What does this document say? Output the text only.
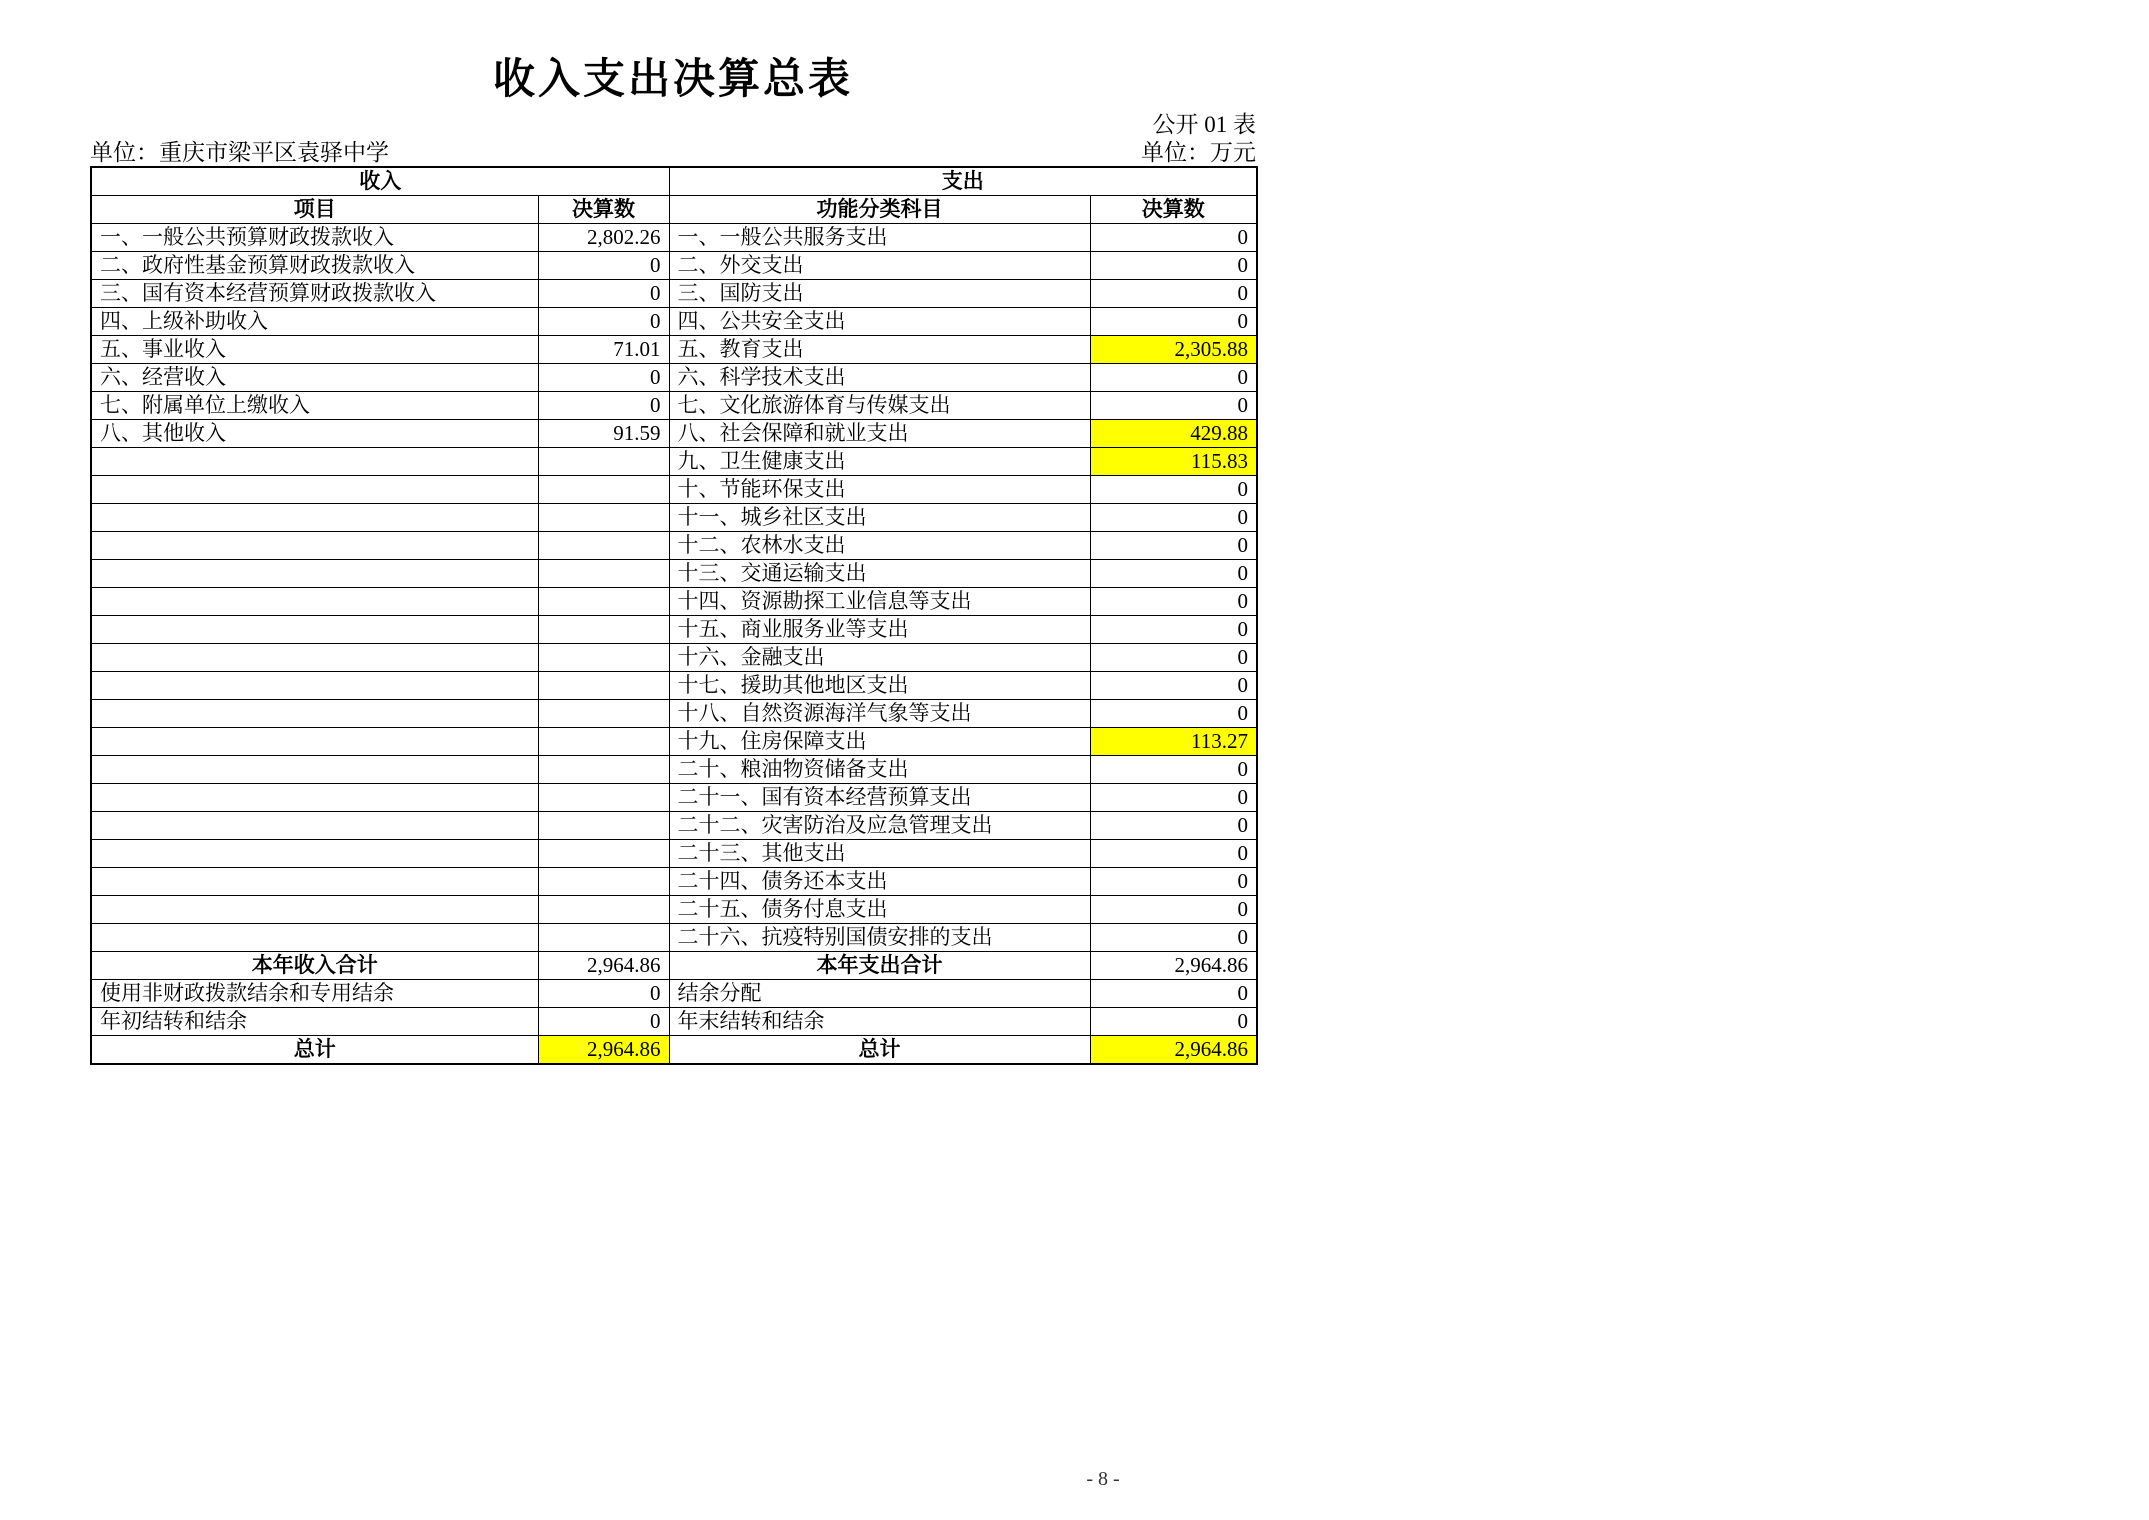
收入支出决算总表
公开 01 表
单位：重庆市梁平区袁驿中学	单位：万元
收入		支出	
项目	决算数	功能分类科目	决算数
一、一般公共预算财政拨款收入	2,802.26	一、一般公共服务支出	0
二、政府性基金预算财政拨款收入	0	二、外交支出	0
三、国有资本经营预算财政拨款收入	0	三、国防支出	0
四、上级补助收入	0	四、公共安全支出	0
五、事业收入	71.01	五、教育支出	2,305.88
六、经营收入	0	六、科学技术支出	0
七、附属单位上缴收入	0	七、文化旅游体育与传媒支出	0
八、其他收入	91.59	八、社会保障和就业支出	429.88
		九、卫生健康支出	115.83
		十、节能环保支出	0
		十一、城乡社区支出	0
		十二、农林水支出	0
		十三、交通运输支出	0
		十四、资源勘探工业信息等支出	0
		十五、商业服务业等支出	0
		十六、金融支出	0
		十七、援助其他地区支出	0
		十八、自然资源海洋气象等支出	0
		十九、住房保障支出	113.27
		二十、粮油物资储备支出	0
		二十一、国有资本经营预算支出	0
		二十二、灾害防治及应急管理支出	0
		二十三、其他支出	0
		二十四、债务还本支出	0
		二十五、债务付息支出	0
		二十六、抗疫特别国债安排的支出	0
本年收入合计	2,964.86	本年支出合计	2,964.86
使用非财政拨款结余和专用结余	0	结余分配	0
年初结转和结余	0	年末结转和结余	0
总计	2,964.86	总计	2,964.86
- 8 -
